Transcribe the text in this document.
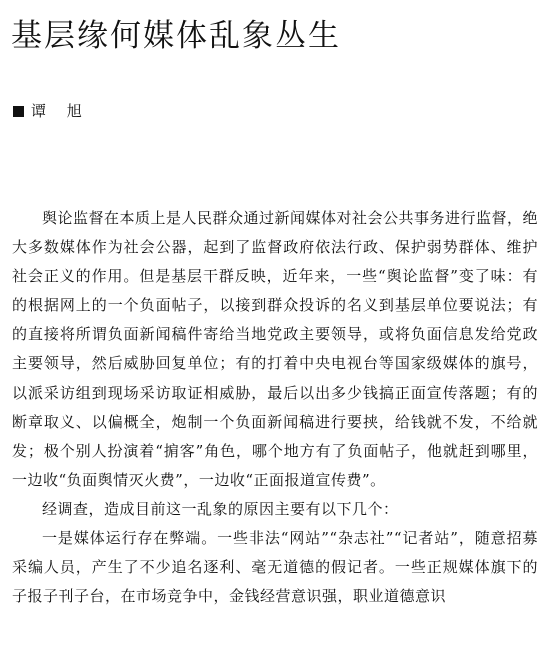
基层缘何媒体乱象丛生
谭 旭

舆论监督在本质上是人民群众通过新闻媒体对社会公共事务进行监督，绝大多数媒体作为社会公器，起到了监督政府依法行政、保护弱势群体、维护社会正义的作用。但是基层干群反映，近年来，一些“舆论监督”变了味：有的根据网上的一个负面帖子，以接到群众投诉的名义到基层单位要说法；有的直接将所谓负面新闻稿件寄给当地党政主要领导，或将负面信息发给党政主要领导，然后威胁回复单位；有的打着中央电视台等国家级媒体的旗号，以派采访组到现场采访取证相威胁，最后以出多少钱搞正面宣传落题；有的断章取义、以偏概全，炮制一个负面新闻稿进行要挟，给钱就不发，不给就发；极个别人扮演着“掮客”角色，哪个地方有了负面帖子，他就赶到哪里，一边收“负面舆情灭火费”，一边收“正面报道宣传费”。

经调查，造成目前这一乱象的原因主要有以下几个：

一是媒体运行存在弊端。一些非法“网站”“杂志社”“记者站”，随意招募采编人员，产生了不少追名逐利、毫无道德的假记者。一些正规媒体旗下的子报子刊子台，在市场竞争中，金钱经营意识强，职业道德意识
